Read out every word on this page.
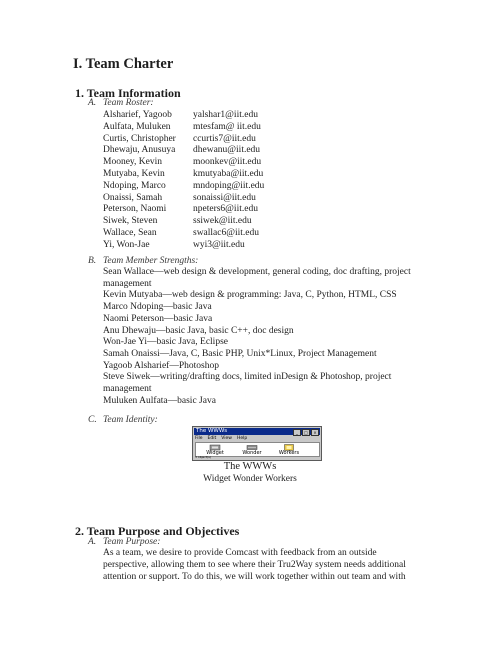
I. Team Charter
1. Team Information
A. Team Roster:
Alsharief, Yagoob	yalshar1@iit.edu
Aulfata, Muluken	mtesfam@ iit.edu
Curtis, Christopher	ccurtis7@iit.edu
Dhewaju, Anusuya	dhewanu@iit.edu
Mooney, Kevin	moonkev@iit.edu
Mutyaba, Kevin	kmutyaba@iit.edu
Ndoping, Marco	mndoping@iit.edu
Onaissi, Samah	sonaissi@iit.edu
Peterson, Naomi	npeters6@iit.edu
Siwek, Steven	ssiwek@iit.edu
Wallace, Sean	swallac6@iit.edu
Yi, Won-Jae	wyi3@iit.edu
B. Team Member Strengths:
Sean Wallace—web design & development, general coding, doc drafting, project
management
Kevin Mutyaba—web design & programming: Java, C, Python, HTML, CSS
Marco Ndoping—basic Java
Naomi Peterson—basic Java
Anu Dhewaju—basic Java, basic C++, doc design
Won-Jae Yi—basic Java, Eclipse
Samah Onaissi—Java, C, Basic PHP, Unix*Linux, Project Management
Yagoob Alsharief—Photoshop
Steve Siwek—writing/drafting docs, limited inDesign & Photoshop, project
management
Muluken Aulfata—basic Java
C. Team Identity:
The WWWs	_	□	×
File Edit View Help
Widget	Wonder	Workers
3 object(s)
The WWWs
Widget Wonder Workers
2. Team Purpose and Objectives
A. Team Purpose:
As a team, we desire to provide Comcast with feedback from an outside
perspective, allowing them to see where their Tru2Way system needs additional
attention or support. To do this, we will work together within out team and with
